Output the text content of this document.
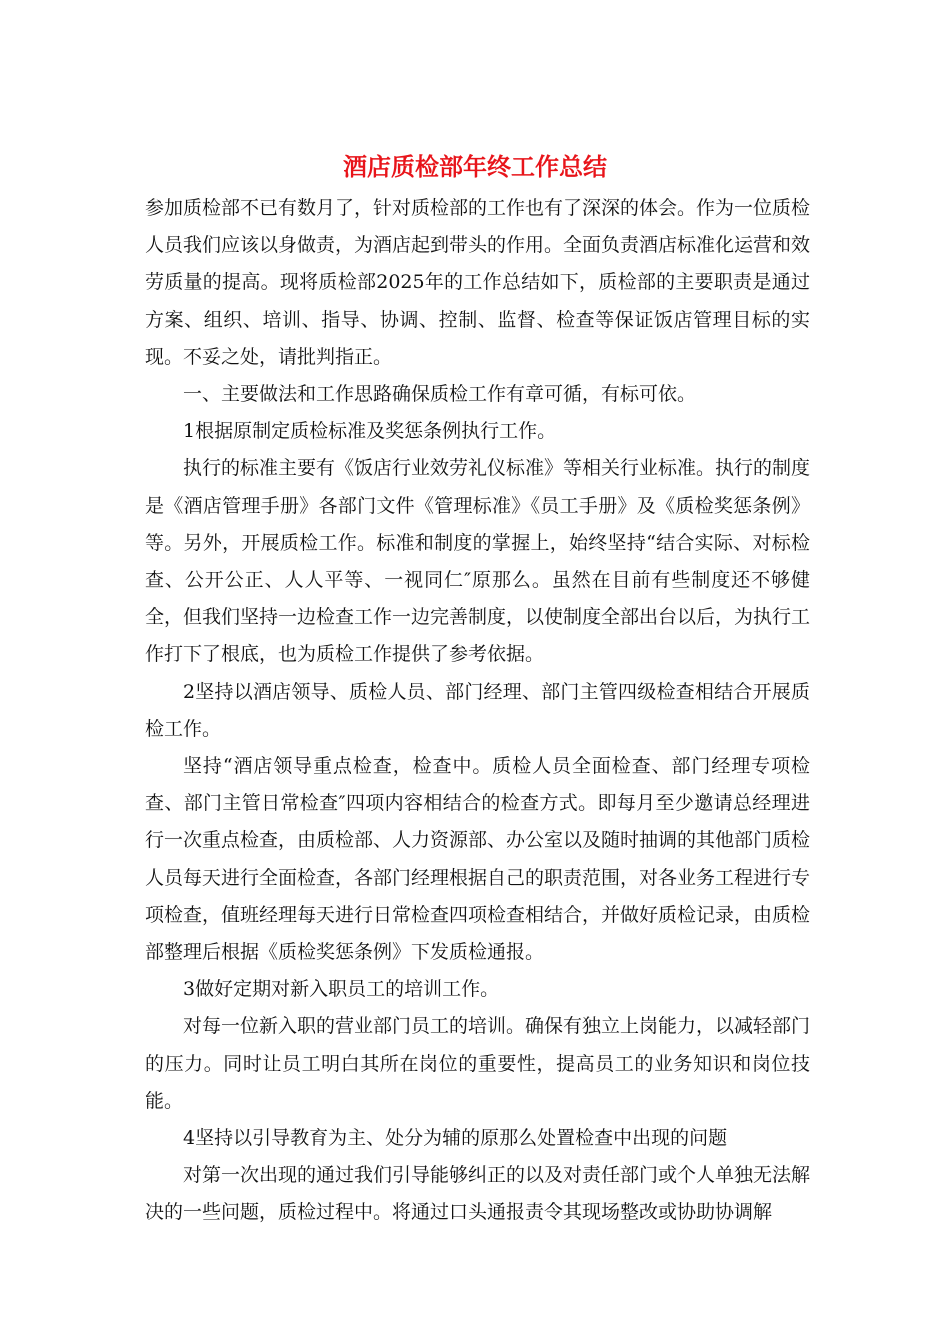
酒店质检部年终工作总结

参加质检部不已有数月了，针对质检部的工作也有了深深的体会。作为一位质检人员我们应该以身做责，为酒店起到带头的作用。全面负责酒店标准化运营和效劳质量的提高。现将质检部2025年的工作总结如下，质检部的主要职责是通过方案、组织、培训、指导、协调、控制、监督、检查等保证饭店管理目标的实现。不妥之处，请批判指正。

一、主要做法和工作思路确保质检工作有章可循，有标可依。

1根据原制定质检标准及奖惩条例执行工作。

执行的标准主要有《饭店行业效劳礼仪标准》等相关行业标准。执行的制度是《酒店管理手册》各部门文件《管理标准》《员工手册》及《质检奖惩条例》等。另外，开展质检工作。标准和制度的掌握上，始终坚持“结合实际、对标检查、公开公正、人人平等、一视同仁″原那么。虽然在目前有些制度还不够健全，但我们坚持一边检查工作一边完善制度，以使制度全部出台以后，为执行工作打下了根底，也为质检工作提供了参考依据。

2坚持以酒店领导、质检人员、部门经理、部门主管四级检查相结合开展质检工作。

坚持“酒店领导重点检查，检查中。质检人员全面检查、部门经理专项检查、部门主管日常检查″四项内容相结合的检查方式。即每月至少邀请总经理进行一次重点检查，由质检部、人力资源部、办公室以及随时抽调的其他部门质检人员每天进行全面检查，各部门经理根据自己的职责范围，对各业务工程进行专项检查，值班经理每天进行日常检查四项检查相结合，并做好质检记录，由质检部整理后根据《质检奖惩条例》下发质检通报。

3做好定期对新入职员工的培训工作。

对每一位新入职的营业部门员工的培训。确保有独立上岗能力，以减轻部门的压力。同时让员工明白其所在岗位的重要性，提高员工的业务知识和岗位技能。

4坚持以引导教育为主、处分为辅的原那么处置检查中出现的问题

对第一次出现的通过我们引导能够纠正的以及对责任部门或个人单独无法解决的一些问题，质检过程中。将通过口头通报责令其现场整改或协助协调解
